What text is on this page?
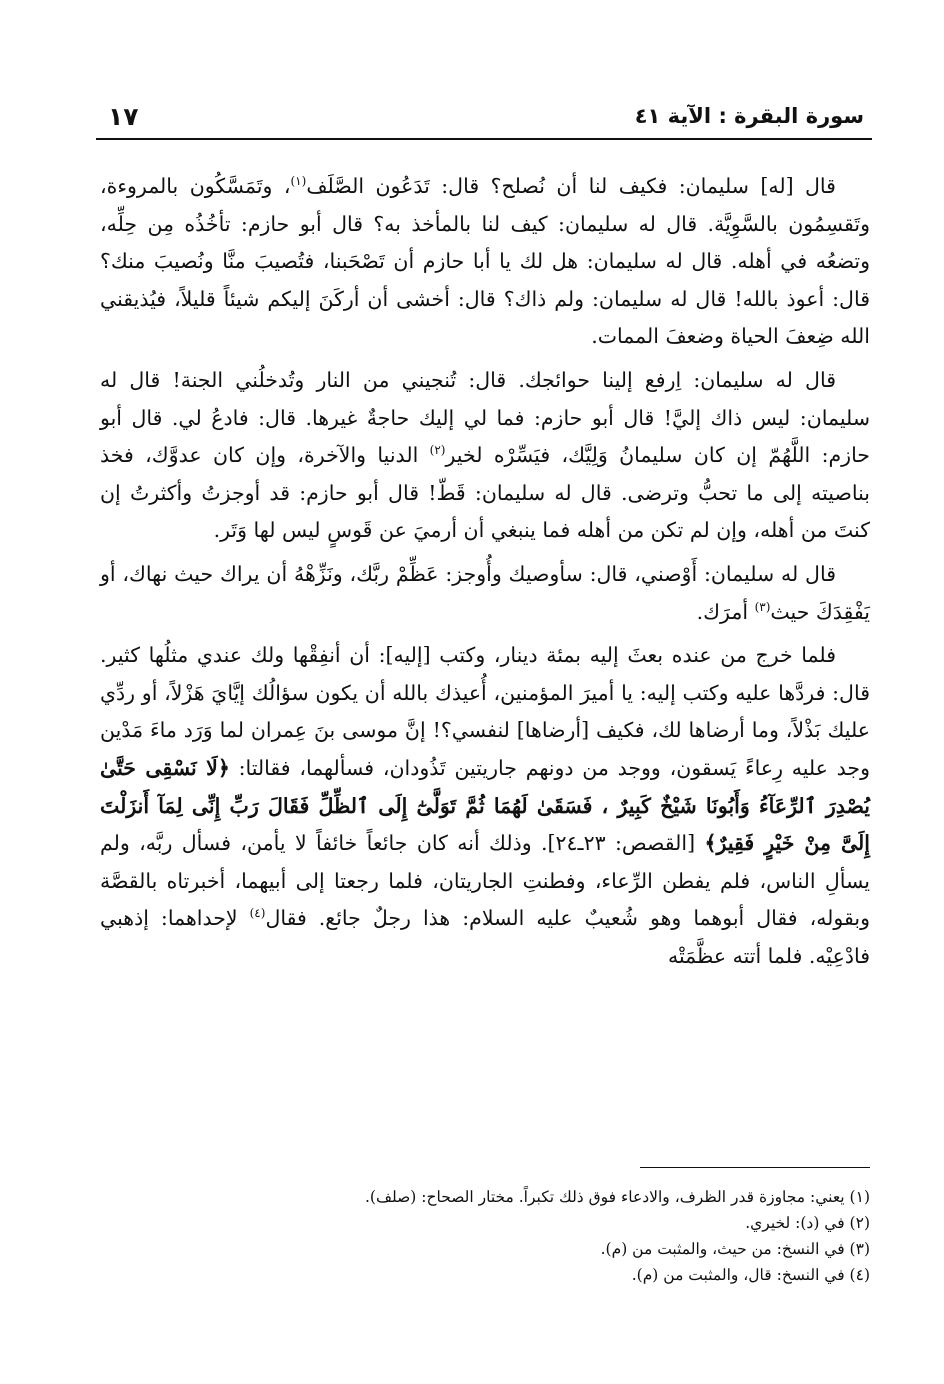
١٧	سورة البقرة : الآية ٤١

قال [له] سليمان: فكيف لنا أن نُصلح؟ قال: تَدَعُون الصَّلَف$^{(١)}$، وتَمَسَّكُون بالمروءة، وتَقسِمُون بالسَّوِيَّة. قال له سليمان: كيف لنا بالمأخذ به؟ قال أبو حازم: تأخُذُه مِن حِلِّه، وتضعُه في أهله. قال له سليمان: هل لك يا أبا حازم أن تَصْحَبنا، فتُصيبَ منَّا ونُصيبَ منك؟ قال: أعوذ بالله! قال له سليمان: ولم ذاك؟ قال: أخشى أن أركَنَ إليكم شيئاً قليلاً، فيُذيقني الله ضِعفَ الحياة وضعفَ الممات.

قال له سليمان: اِرفع إلينا حوائجك. قال: تُنجيني من النار وتُدخلُني الجنة! قال له سليمان: ليس ذاك إليَّ! قال أبو حازم: فما لي إليك حاجةٌ غيرها. قال: فادعُ لي. قال أبو حازم: اللَّهُمّ إن كان سليمانُ وَلِيَّك، فيَسِّرْه لخير$^{(٢)}$ الدنيا والآخرة، وإن كان عدوَّك، فخذ بناصيته إلى ما تحبُّ وترضى. قال له سليمان: قَطّ! قال أبو حازم: قد أوجزتُ وأكثرتُ إن كنتَ من أهله، وإن لم تكن من أهله فما ينبغي أن أرميَ عن قَوسٍ ليس لها وَتَر.

قال له سليمان: أَوْصني، قال: سأوصيك وأُوجز: عَظِّمْ ربَّك، ونَزِّهْهُ أن يراك حيث نهاك، أو يَفْقِدَكَ حيث$^{(٣)}$ أمرَك.

فلما خرج من عنده بعثَ إليه بمئة دينار، وكتب [إليه]: أن أنفِقْها ولك عندي مثلُها كثير. قال: فردَّها عليه وكتب إليه: يا أميرَ المؤمنين، أُعيذك بالله أن يكون سؤالُك إيَّايَ هَزْلاً، أو ردِّي عليك بَذْلاً، وما أرضاها لك، فكيف [أرضاها] لنفسي؟! إنَّ موسى بنَ عِمران لما وَرَد ماءَ مَدْين وجد عليه رِعاءً يَسقون، ووجد من دونهم جاريتين تَذُودان، فسألهما، فقالتا: ﴿لَا نَسْقِى حَتَّىٰ يُصْدِرَ ٱلرِّعَآءُ وَأَبُونَا شَيْخٌ كَبِيرٌ ، فَسَقَىٰ لَهُمَا ثُمَّ تَوَلَّىٰٓ إِلَى ٱلظِّلِّ فَقَالَ رَبِّ إِنِّى لِمَآ أَنزَلْتَ إِلَىَّ مِنْ خَيْرٍ فَقِيرٌ﴾ [القصص: ٢٣ـ٢٤]. وذلك أنه كان جائعاً خائفاً لا يأمن، فسأل ربَّه، ولم يسألِ الناس، فلم يفطن الرِّعاء، وفطنتِ الجاريتان، فلما رجعتا إلى أبيهما، أخبرتاه بالقصَّة وبقوله، فقال أبوهما وهو شُعيبٌ عليه السلام: هذا رجلٌ جائع. فقال$^{(٤)}$ لإحداهما: إذهبي فادْعِيْه. فلما أتته عظَّمَتْه

(١) يعني: مجاوزة قدر الظرف، والادعاء فوق ذلك تكبراً. مختار الصحاح: (صلف).
(٢) في (د): لخيري.
(٣) في النسخ: من حيث، والمثبت من (م).
(٤) في النسخ: قال، والمثبت من (م).
